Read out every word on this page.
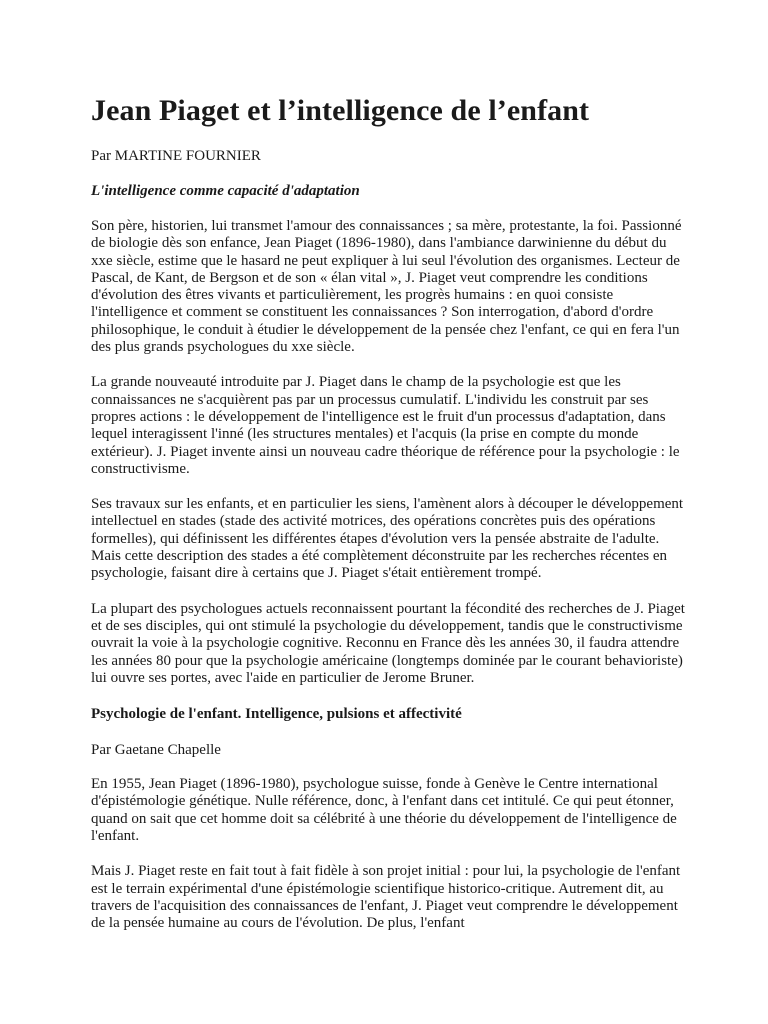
Jean Piaget et l’intelligence de l’enfant

Par MARTINE FOURNIER

L'intelligence comme capacité d'adaptation

Son père, historien, lui transmet l'amour des connaissances ; sa mère, protestante, la foi. Passionné de biologie dès son enfance, Jean Piaget (1896-1980), dans l'ambiance darwinienne du début du xxe siècle, estime que le hasard ne peut expliquer à lui seul l'évolution des organismes. Lecteur de Pascal, de Kant, de Bergson et de son « élan vital », J. Piaget veut comprendre les conditions d'évolution des êtres vivants et particulièrement, les progrès humains : en quoi consiste l'intelligence et comment se constituent les connaissances ? Son interrogation, d'abord d'ordre philosophique, le conduit à étudier le développement de la pensée chez l'enfant, ce qui en fera l'un des plus grands psychologues du xxe siècle.

La grande nouveauté introduite par J. Piaget dans le champ de la psychologie est que les connaissances ne s'acquièrent pas par un processus cumulatif. L'individu les construit par ses propres actions : le développement de l'intelligence est le fruit d'un processus d'adaptation, dans lequel interagissent l'inné (les structures mentales) et l'acquis (la prise en compte du monde extérieur). J. Piaget invente ainsi un nouveau cadre théorique de référence pour la psychologie : le constructivisme.

Ses travaux sur les enfants, et en particulier les siens, l'amènent alors à découper le développement intellectuel en stades (stade des activité motrices, des opérations concrètes puis des opérations formelles), qui définissent les différentes étapes d'évolution vers la pensée abstraite de l'adulte. Mais cette description des stades a été complètement déconstruite par les recherches récentes en psychologie, faisant dire à certains que J. Piaget s'était entièrement trompé.

La plupart des psychologues actuels reconnaissent pourtant la fécondité des recherches de J. Piaget et de ses disciples, qui ont stimulé la psychologie du développement, tandis que le constructivisme ouvrait la voie à la psychologie cognitive. Reconnu en France dès les années 30, il faudra attendre les années 80 pour que la psychologie américaine (longtemps dominée par le courant behavioriste) lui ouvre ses portes, avec l'aide en particulier de Jerome Bruner.

Psychologie de l'enfant. Intelligence, pulsions et affectivité

Par Gaetane Chapelle

En 1955, Jean Piaget (1896-1980), psychologue suisse, fonde à Genève le Centre international d'épistémologie génétique. Nulle référence, donc, à l'enfant dans cet intitulé. Ce qui peut étonner, quand on sait que cet homme doit sa célébrité à une théorie du développement de l'intelligence de l'enfant.

Mais J. Piaget reste en fait tout à fait fidèle à son projet initial : pour lui, la psychologie de l'enfant est le terrain expérimental d'une épistémologie scientifique historico-critique. Autrement dit, au travers de l'acquisition des connaissances de l'enfant, J. Piaget veut comprendre le développement de la pensée humaine au cours de l'évolution. De plus, l'enfant
